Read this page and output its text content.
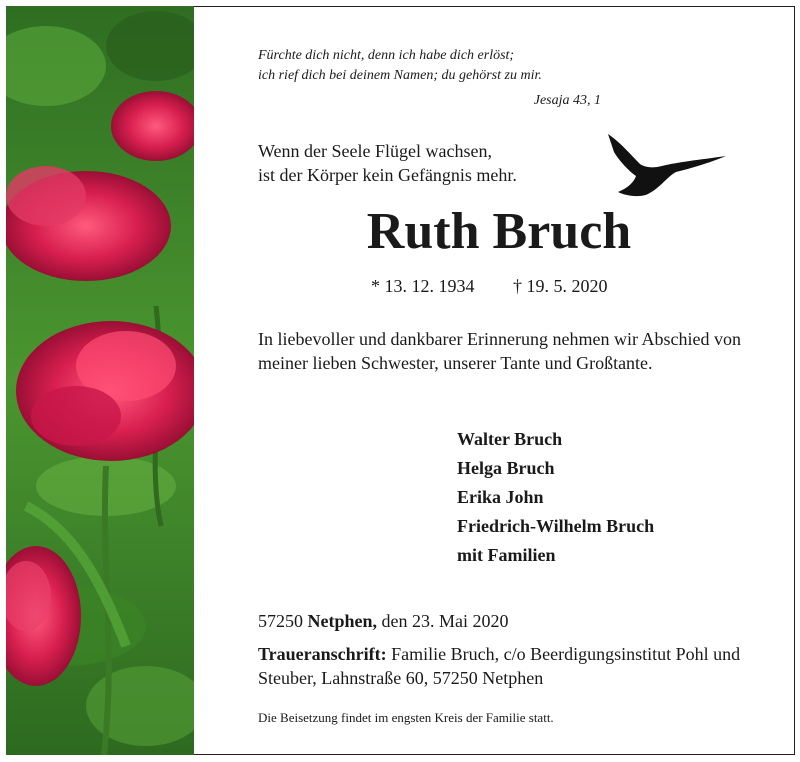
Fürchte dich nicht, denn ich habe dich erlöst;
ich rief dich bei deinem Namen; du gehörst zu mir.
Jesaja 43, 1
Wenn der Seele Flügel wachsen,
ist der Körper kein Gefängnis mehr.
Ruth Bruch
* 13. 12. 1934 † 19. 5. 2020
In liebevoller und dankbarer Erinnerung nehmen wir Abschied von meiner lieben Schwester, unserer Tante und Großtante.
Walter Bruch
Helga Bruch
Erika John
Friedrich-Wilhelm Bruch
mit Familien
57250 Netphen, den 23. Mai 2020
Traueranschrift: Familie Bruch, c/o Beerdigungsinstitut Pohl und Steuber, Lahnstraße 60, 57250 Netphen
Die Beisetzung findet im engsten Kreis der Familie statt.
